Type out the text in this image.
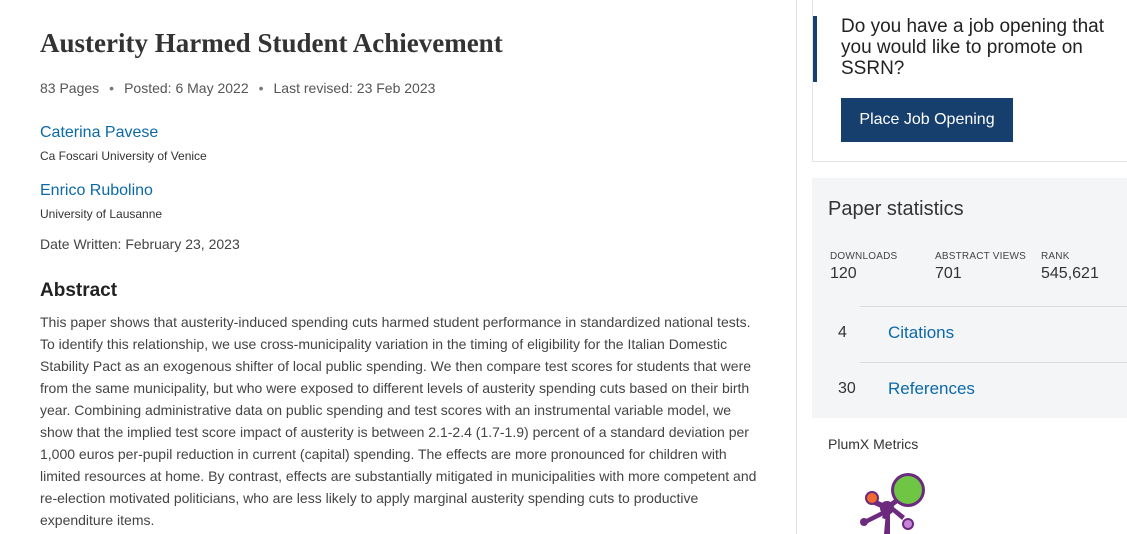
Austerity Harmed Student Achievement
83 Pages • Posted: 6 May 2022 • Last revised: 23 Feb 2023
Caterina Pavese
Ca Foscari University of Venice
Enrico Rubolino
University of Lausanne
Date Written: February 23, 2023
Abstract

This paper shows that austerity-induced spending cuts harmed student performance in standardized national tests. To identify this relationship, we use cross-municipality variation in the timing of eligibility for the Italian Domestic Stability Pact as an exogenous shifter of local public spending. We then compare test scores for students that were from the same municipality, but who were exposed to different levels of austerity spending cuts based on their birth year. Combining administrative data on public spending and test scores with an instrumental variable model, we show that the implied test score impact of austerity is between 2.1-2.4 (1.7-1.9) percent of a standard deviation per 1,000 euros per-pupil reduction in current (capital) spending. The effects are more pronounced for children with limited resources at home. By contrast, effects are substantially mitigated in municipalities with more competent and re-election motivated politicians, who are less likely to apply marginal austerity spending cuts to productive expenditure items.

Do you have a job opening that you would like to promote on SSRN?
Place Job Opening
Paper statistics
DOWNLOADS
120
ABSTRACT VIEWS
701
RANK
545,621
4 Citations
30 References
PlumX Metrics
